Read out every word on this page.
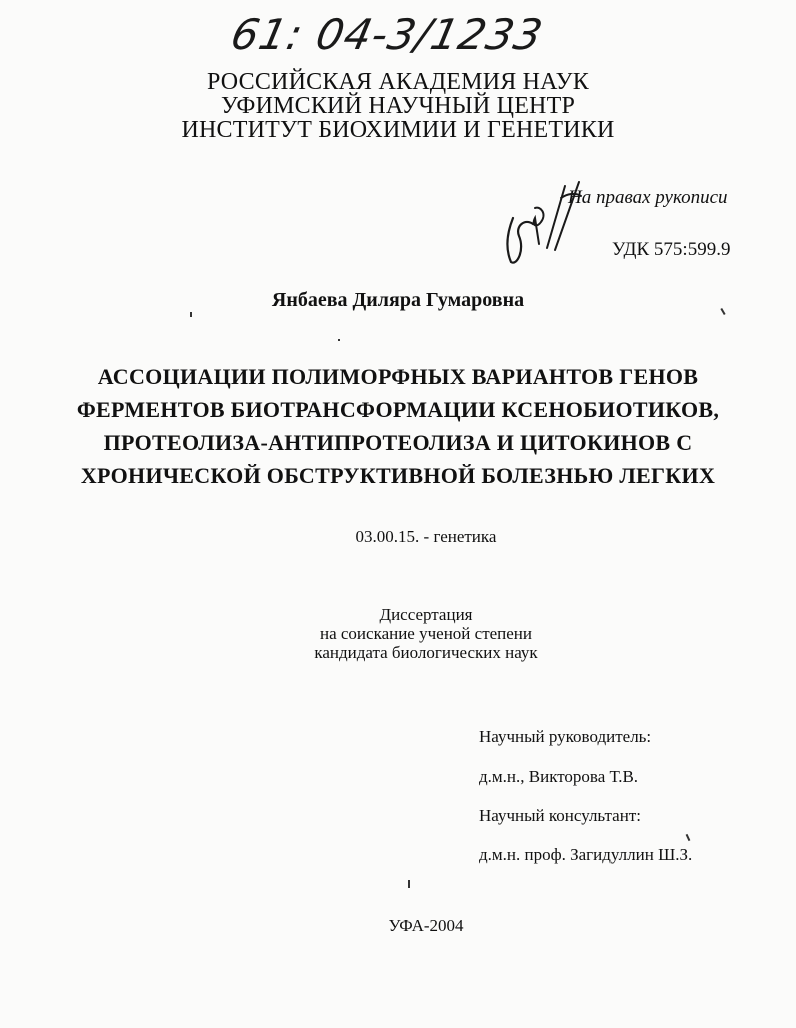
61: 04-3/1233
РОССИЙСКАЯ АКАДЕМИЯ НАУК
УФИМСКИЙ НАУЧНЫЙ ЦЕНТР
ИНСТИТУТ БИОХИМИИ И ГЕНЕТИКИ
На правах рукописи
УДК 575:599.9
Янбаева Диляра Гумаровна
АССОЦИАЦИИ ПОЛИМОРФНЫХ ВАРИАНТОВ ГЕНОВ
ФЕРМЕНТОВ БИОТРАНСФОРМАЦИИ КСЕНОБИОТИКОВ,
ПРОТЕОЛИЗА-АНТИПРОТЕОЛИЗА И ЦИТОКИНОВ С
ХРОНИЧЕСКОЙ ОБСТРУКТИВНОЙ БОЛЕЗНЬЮ ЛЕГКИХ
03.00.15. - генетика
Диссертация
на соискание ученой степени
кандидата биологических наук
Научный руководитель:
д.м.н., Викторова Т.В.
Научный консультант:
д.м.н. проф. Загидуллин Ш.З.
УФА-2004
